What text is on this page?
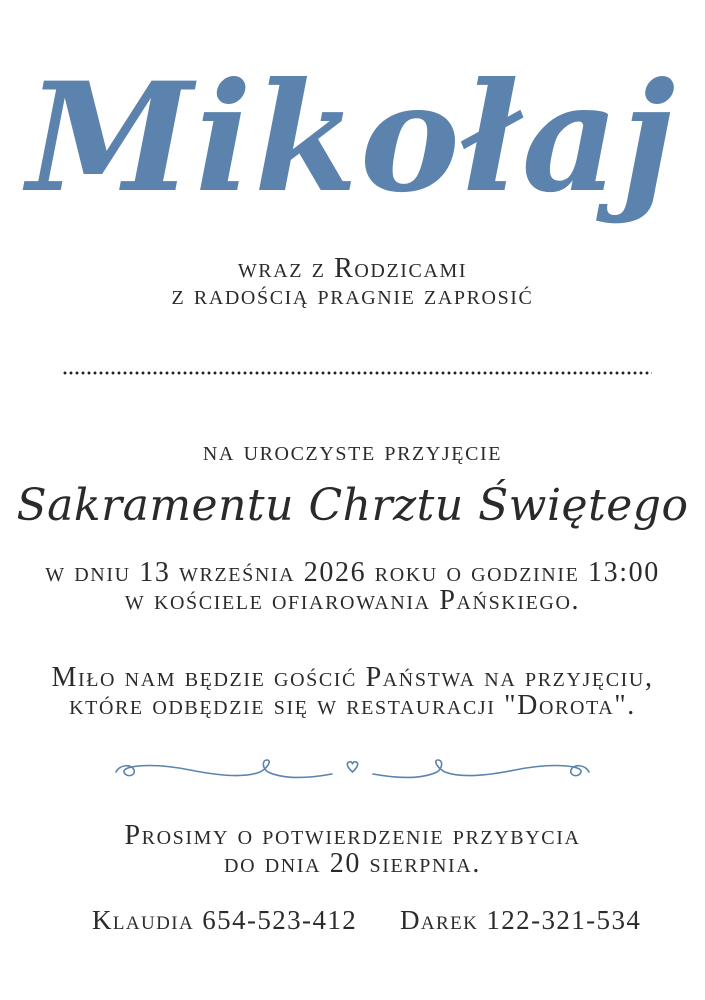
Mikołaj

wraz z Rodzicami

z radością pragnie zaprosić

na uroczyste przyjęcie

Sakramentu Chrztu Świętego

w dniu 13 września 2026 roku o godzinie 13:00

w kościele ofiarowania Pańskiego.

Miło nam będzie gościć Państwa na przyjęciu,

które odbędzie się w restauracji "Dorota".

Prosimy o potwierdzenie przybycia

do dnia 20 sierpnia.

Klaudia 654-523-412 Darek 122-321-534
